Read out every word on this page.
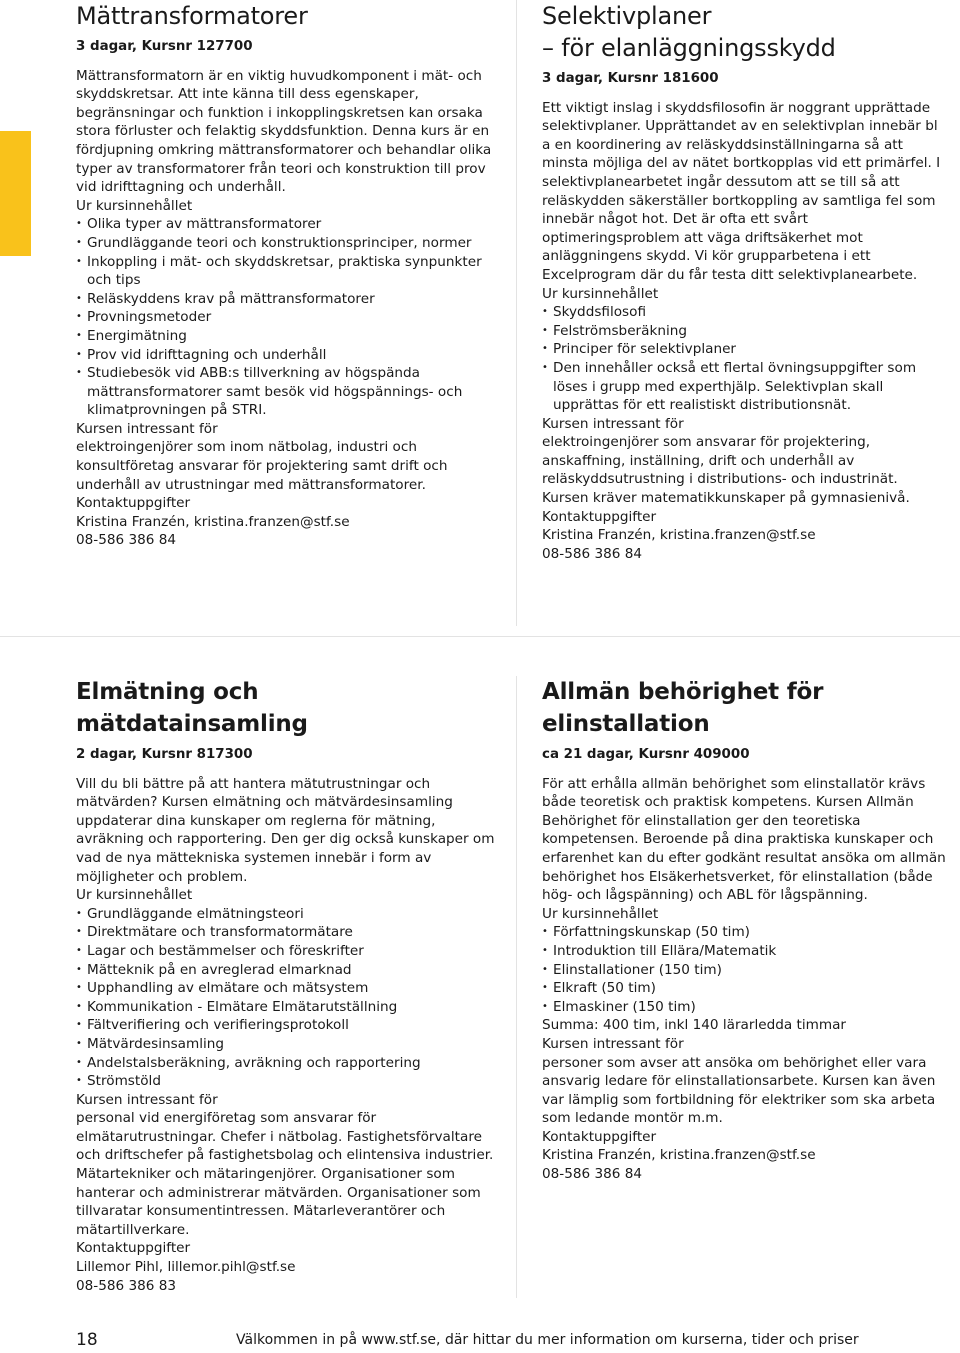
Mättransformatorer
3 dagar, Kursnr 127700

Mättransformatorn är en viktig huvudkomponent i mät- och skyddskretsar. Att inte känna till dess egenskaper, begränsningar och funktion i inkopplingskretsen kan orsaka stora förluster och felaktig skyddsfunktion. Denna kurs är en fördjupning omkring mättransformatorer och behandlar olika typer av transformatorer från teori och konstruktion till prov vid idrifttagning och underhåll.

Ur kursinnehållet

• Olika typer av mättransformatorer
• Grundläggande teori och konstruktionsprinciper, normer
• Inkoppling i mät- och skyddskretsar, praktiska synpunkter och tips
• Reläskyddens krav på mättransformatorer
• Provningsmetoder
• Energimätning
• Prov vid idrifttagning och underhåll
• Studiebesök vid ABB:s tillverkning av högspända mättransformatorer samt besök vid högspännings- och klimatprovningen på STRI.

Kursen intressant för

elektroingenjörer som inom nätbolag, industri och konsultföretag ansvarar för projektering samt drift och underhåll av utrustningar med mättransformatorer.

Kontaktuppgifter

Kristina Franzén, kristina.franzen@stf.se

08-586 386 84

Selektivplaner
– för elanläggningsskydd
3 dagar, Kursnr 181600

Ett viktigt inslag i skyddsfilosofin är noggrant upprättade selektivplaner. Upprättandet av en selektivplan innebär bl a en koordinering av reläskyddsinställningarna så att minsta möjliga del av nätet bortkopplas vid ett primärfel. I selektivplanearbetet ingår dessutom att se till så att reläskydden säkerställer bortkoppling av samtliga fel som innebär något hot. Det är ofta ett svårt optimeringsproblem att väga driftsäkerhet mot anläggningens skydd. Vi kör grupparbetena i ett Excelprogram där du får testa ditt selektivplanearbete.

Ur kursinnehållet

• Skyddsfilosofi
• Felströmsberäkning
• Principer för selektivplaner
• Den innehåller också ett flertal övningsuppgifter som löses i grupp med experthjälp. Selektivplan skall upprättas för ett realistiskt distributionsnät.

Kursen intressant för

elektroingenjörer som ansvarar för projektering, anskaffning, inställning, drift och underhåll av reläskyddsutrustning i distributions- och industrinät. Kursen kräver matematikkunskaper på gymnasienivå.

Kontaktuppgifter

Kristina Franzén, kristina.franzen@stf.se

08-586 386 84

Elmätning och mätdatainsamling
2 dagar, Kursnr 817300

Vill du bli bättre på att hantera mätutrustningar och mätvärden? Kursen elmätning och mätvärdesinsamling uppdaterar dina kunskaper om reglerna för mätning, avräkning och rapportering. Den ger dig också kunskaper om vad de nya mättekniska systemen innebär i form av möjligheter och problem.

Ur kursinnehållet

• Grundläggande elmätningsteori
• Direktmätare och transformatormätare
• Lagar och bestämmelser och föreskrifter
• Mätteknik på en avreglerad elmarknad
• Upphandling av elmätare och mätsystem
• Kommunikation - Elmätare Elmätarutställning
• Fältverifiering och verifieringsprotokoll
• Mätvärdesinsamling
• Andelstalsberäkning, avräkning och rapportering
• Strömstöld

Kursen intressant för

personal vid energiföretag som ansvarar för elmätarutrustningar. Chefer i nätbolag. Fastighetsförvaltare och driftschefer på fastighetsbolag och elintensiva industrier. Mätartekniker och mätaringenjörer. Organisationer som hanterar och administrerar mätvärden. Organisationer som tillvaratar konsumentintressen. Mätarleverantörer och mätartillverkare.

Kontaktuppgifter

Lillemor Pihl, lillemor.pihl@stf.se

08-586 386 83

Allmän behörighet för
elinstallation
ca 21 dagar, Kursnr 409000

För att erhålla allmän behörighet som elinstallatör krävs både teoretisk och praktisk kompetens. Kursen Allmän Behörighet för elinstallation ger den teoretiska kompetensen. Beroende på dina praktiska kunskaper och erfarenhet kan du efter godkänt resultat ansöka om allmän behörighet hos Elsäkerhetsverket, för elinstallation (både hög- och lågspänning) och ABL för lågspänning.

Ur kursinnehållet

• Författningskunskap (50 tim)
• Introduktion till Ellära/Matematik
• Elinstallationer (150 tim)
• Elkraft (50 tim)
• Elmaskiner (150 tim)

Summa: 400 tim, inkl 140 lärarledda timmar

Kursen intressant för

personer som avser att ansöka om behörighet eller vara ansvarig ledare för elinstallationsarbete. Kursen kan även var lämplig som fortbildning för elektriker som ska arbeta som ledande montör m.m.

Kontaktuppgifter

Kristina Franzén, kristina.franzen@stf.se

08-586 386 84

18	Välkommen in på www.stf.se, där hittar du mer information om kurserna, tider och priser
